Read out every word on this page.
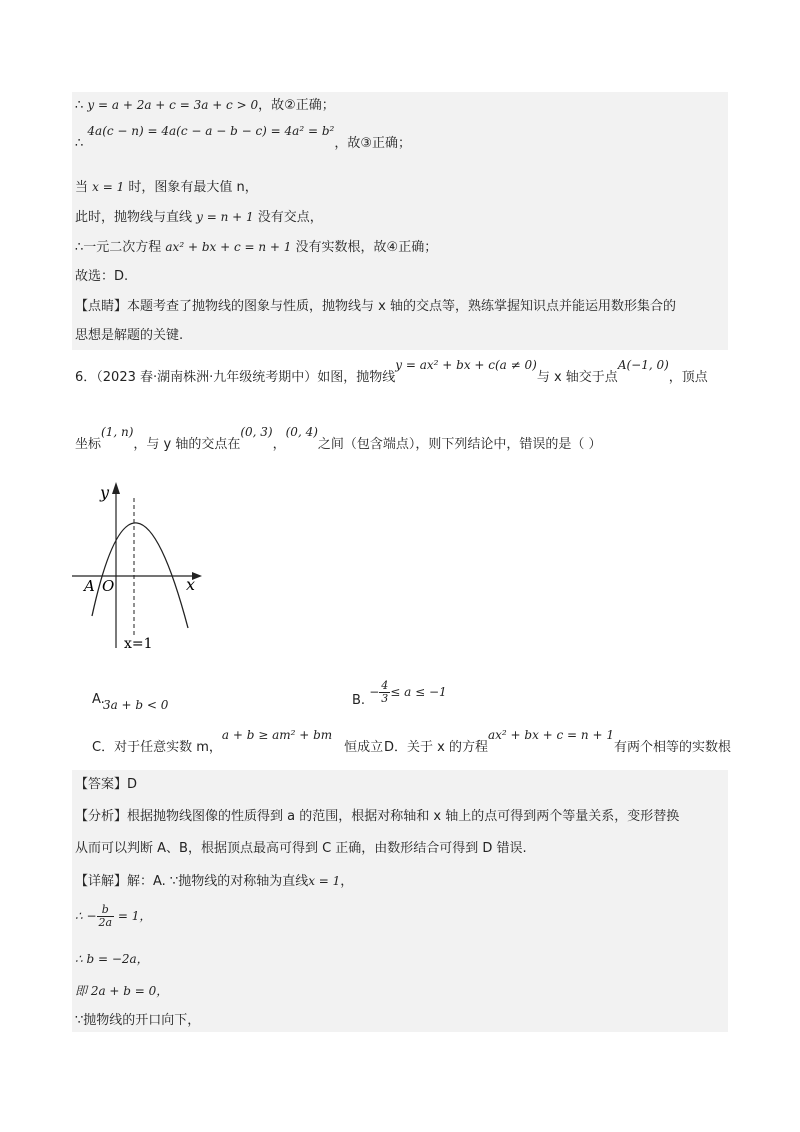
∴ y = a + 2a + c = 3a + c > 0，故②正确；
∴ 4a(c − n) = 4a(c − a − b − c) = 4a² = b²，故③正确；
当 x = 1 时，图象有最大值 n，
此时，抛物线与直线 y = n + 1 没有交点，
∴一元二次方程 ax² + bx + c = n + 1 没有实数根，故④正确；
故选：D.
【点睛】本题考查了抛物线的图象与性质，抛物线与 x 轴的交点等，熟练掌握知识点并能运用数形集合的
思想是解题的关键.
6．（2023 春·湖南株洲·九年级统考期中）如图，抛物线y = ax² + bx + c(a ≠ 0)与 x 轴交于点A(−1, 0)，顶点
坐标(1, n)，与 y 轴的交点在(0, 3)，(0, 4)之间（包含端点），则下列结论中，错误的是（ ）
y
x
O
A
x=1
A. 3a + b < 0	B. − $\frac{4}{3} \le a \le -1$
C．对于任意实数 m，a + b ≥ am² + bm恒成立 D．关于 x 的方程ax² + bx + c = n + 1有两个相等的实数根
【答案】D
【分析】根据抛物线图像的性质得到 a 的范围，根据对称轴和 x 轴上的点可得到两个等量关系，变形替换
从而可以判断 A、B，根据顶点最高可得到 C 正确，由数形结合可得到 D 错误.
【详解】解：A. ∵抛物线的对称轴为直线x = 1，
∴ − $\frac{b}{2a} = 1$，
∴ b = −2a，
即 2a + b = 0，
∵抛物线的开口向下，
